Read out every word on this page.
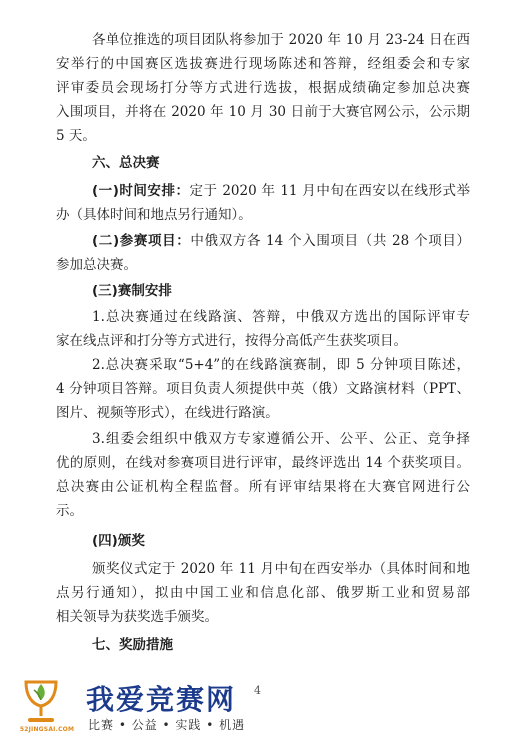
各单位推选的项目团队将参加于 2020 年 10 月 23-24 日在西
安举行的中国赛区选拔赛进行现场陈述和答辩，经组委会和专家
评审委员会现场打分等方式进行选拔，根据成绩确定参加总决赛
入围项目，并将在 2020 年 10 月 30 日前于大赛官网公示，公示期
5 天。
六、总决赛
(一)时间安排：定于 2020 年 11 月中旬在西安以在线形式举
办（具体时间和地点另行通知）。
(二)参赛项目：中俄双方各 14 个入围项目（共 28 个项目）
参加总决赛。
(三)赛制安排
1.总决赛通过在线路演、答辩，中俄双方选出的国际评审专
家在线点评和打分等方式进行，按得分高低产生获奖项目。
2.总决赛采取“5+4”的在线路演赛制，即 5 分钟项目陈述，
4 分钟项目答辩。项目负责人须提供中英（俄）文路演材料（PPT、
图片、视频等形式），在线进行路演。
3.组委会组织中俄双方专家遵循公开、公平、公正、竞争择
优的原则，在线对参赛项目进行评审，最终评选出 14 个获奖项目。
总决赛由公证机构全程监督。所有评审结果将在大赛官网进行公
示。
(四)颁奖
颁奖仪式定于 2020 年 11 月中旬在西安举办（具体时间和地
点另行通知），拟由中国工业和信息化部、俄罗斯工业和贸易部
相关领导为获奖选手颁奖。
七、奖励措施
4
52JINGSAI.COM
我爱竞赛网
比赛 • 公益 • 实践 • 机遇
